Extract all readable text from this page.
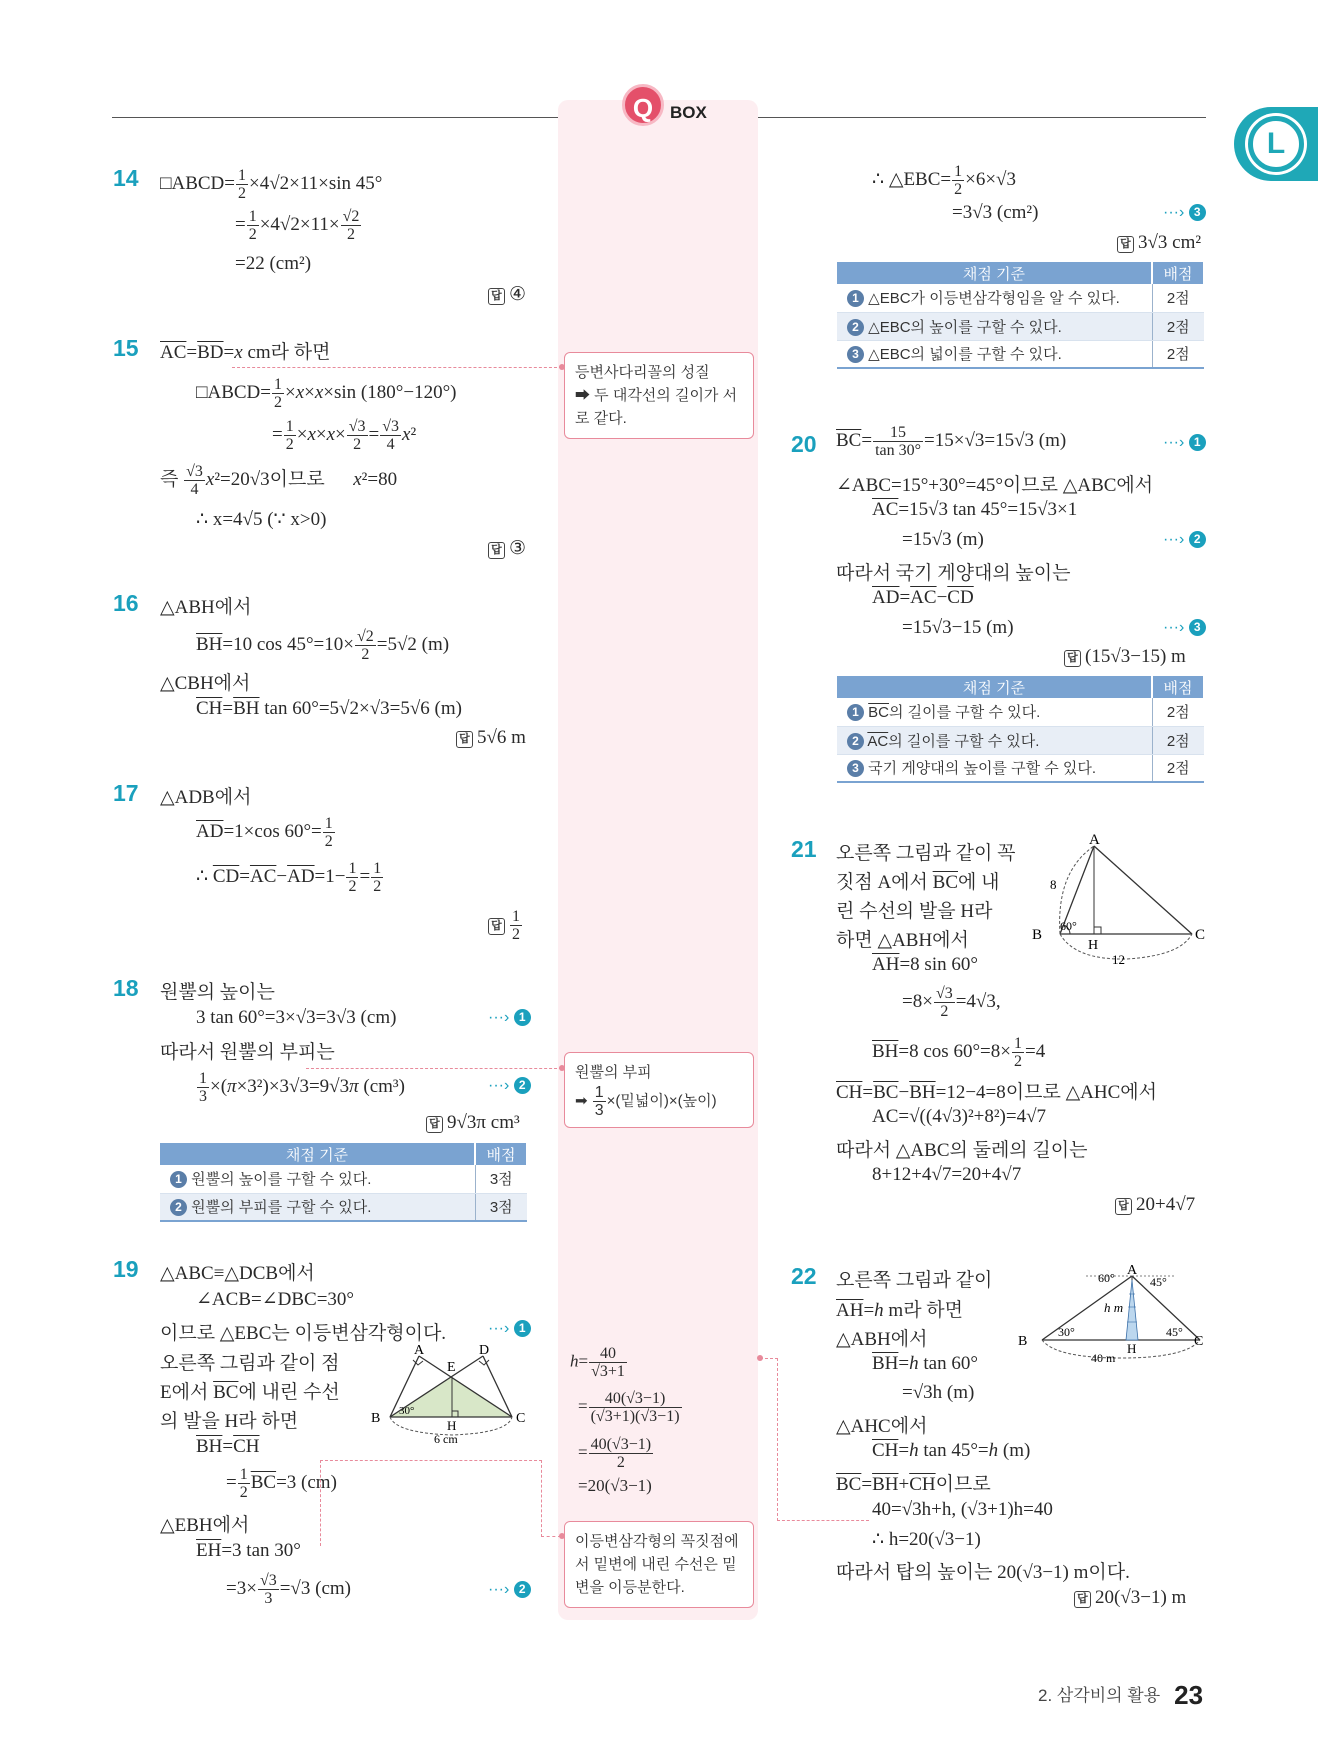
Q BOX
L
14 □ABCD= $\frac{1}{2} \times 4√2\times 11\times\sin$ 45°
= $\frac{1}{2} \times 4√2\times 11\times \frac{√2}{2}$
=22 (cm²)
답 ④
15 $\overline{AC}=\overline{BD}=x$ cm라 하면
□ABCD= $\frac{1}{2} \times x\times x\times\sin$ (180°−120°)
= $\frac{1}{2} \times x\times x\times \frac{√3}{2} = \frac{√3}{4} x^2$
즉 $\frac{√3}{4} x^2=20√3$이므로      x²=80
∴ x=4√5 (∵ x>0)
답 ③
16 △ABH에서
$\overline{BH}=10$ $\cos 45^\circ=10\times \frac{√2}{2} =5√2$ (m)
△CBH에서
$\overline{CH}=\overline{BH}$ tan 60°=5√2×√3=5√6 (m)
답 5√6 m
17 △ADB에서
$\overline{AD}=1\times\cos$ $60^\circ= \frac{1}{2}$
∴ $\overline{CD}=\overline{AC}-\overline{AD}=1- \frac{1}{2} = \frac{1}{2}$
답 $\frac{1}{2}$
18 원뿔의 높이는
3 tan 60°=3×√3=3√3 (cm)	···› 1
따라서 원뿔의 부피는
$\frac{1}{3} \times(\pi\times 3^2)\times 3√3=9√3\pi$ (cm³)	···› 2
답 9√3π cm³
채점 기준	배점
1 원뿔의 높이를 구할 수 있다.	3점
2 원뿔의 부피를 구할 수 있다.	3점
19 △ABC≡△DCB에서
∠ACB=∠DBC=30°
이므로 △EBC는 이등변삼각형이다.	···› 1
오른쪽 그림과 같이 점
E에서 $\overline{BC}$에 내린 수선
의 발을 H라 하면
$\overline{BH}=\overline{CH}$
= $\frac{1}{2} \overline{BC}=3$ (cm)
△EBH에서
$\overline{EH}=3$ tan 30°
$=3\times \frac{√3}{3} =√3$ (cm)	···› 2
A	D
E
B	C
H
30°
6 cm
∴ △EBC= $\frac{1}{2} \times 6\times√3$
=3√3 (cm²)	···› 3
답 3√3 cm²
채점 기준	배점
1 △EBC가 이등변삼각형임을 알 수 있다.	2점
2 △EBC의 높이를 구할 수 있다.	2점
3 △EBC의 넓이를 구할 수 있다.	2점
20 $\overline{BC}= \frac{15}{\tan 30^\circ} =15\times√3=15√3$ (m)	···› 1
∠ABC=15°+30°=45°이므로 △ABC에서
$\overline{AC}=15√3$ tan 45°=15√3×1
=15√3 (m)	···› 2
따라서 국기 게양대의 높이는
$\overline{AD}=\overline{AC}-\overline{CD}$
=15√3−15 (m)	···› 3
답 (15√3−15) m
채점 기준	배점
1 $\overline{BC}$의 길이를 구할 수 있다.	2점
2 $\overline{AC}$의 길이를 구할 수 있다.	2점
3 국기 게양대의 높이를 구할 수 있다.	2점
21 오른쪽 그림과 같이 꼭
짓점 A에서 $\overline{BC}$에 내
린 수선의 발을 H라
하면 △ABH에서
$\overline{AH}=8$ sin 60°
$=8\times \frac{√3}{2} =4√3$,
$\overline{BH}=8$ $\cos 60^\circ=8\times \frac{1}{2} =4$
$\overline{CH}=\overline{BC}-\overline{BH}=12-4=8$이므로 △AHC에서
AC=√((4√3)²+8²)=4√7
따라서 △ABC의 둘레의 길이는
8+12+4√7=20+4√7
답 20+4√7
A
B	C
H
8
60°
12
22 오른쪽 그림과 같이
$\overline{AH}=h$ m라 하면
△ABH에서
$\overline{BH}=h$ tan 60°
=√3h (m)
△AHC에서
$\overline{CH}=h$ tan 45°=h (m)
$\overline{BC}=\overline{BH}+\overline{CH}$이므로
40=√3h+h, (√3+1)h=40
∴ h=20(√3−1)
따라서 탑의 높이는 20(√3−1) m이다.
답 20(√3−1) m
A
B	C
H
60°	45°
30°	45°
h m
40 m
등변사다리꼴의 성질
➡ 두 대각선의 길이가 서로 같다.
원뿔의 부피
➡ $\frac{1}{3}$ ×(밑넓이)×(높이)
$h= \frac{40}{√3+1}$
= $\frac{40(√3-1)}{(√3+1)(√3-1)}$
= $\frac{40(√3-1)}{2}$
=20(√3−1)
이등변삼각형의 꼭짓점에서 밑변에 내린 수선은 밑변을 이등분한다.
2. 삼각비의 활용 23
